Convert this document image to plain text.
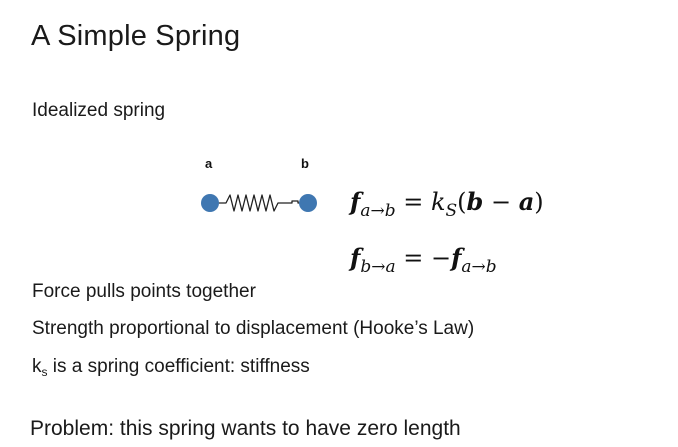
A Simple Spring
Idealized spring
a	b
$f_{a\to b} = k_S(b - a)$
$f_{b\to a} = -f_{a\to b}$
Force pulls points together
Strength proportional to displacement (Hooke’s Law)
$k_s$ is a spring coefficient: stiffness
Problem: this spring wants to have zero length
